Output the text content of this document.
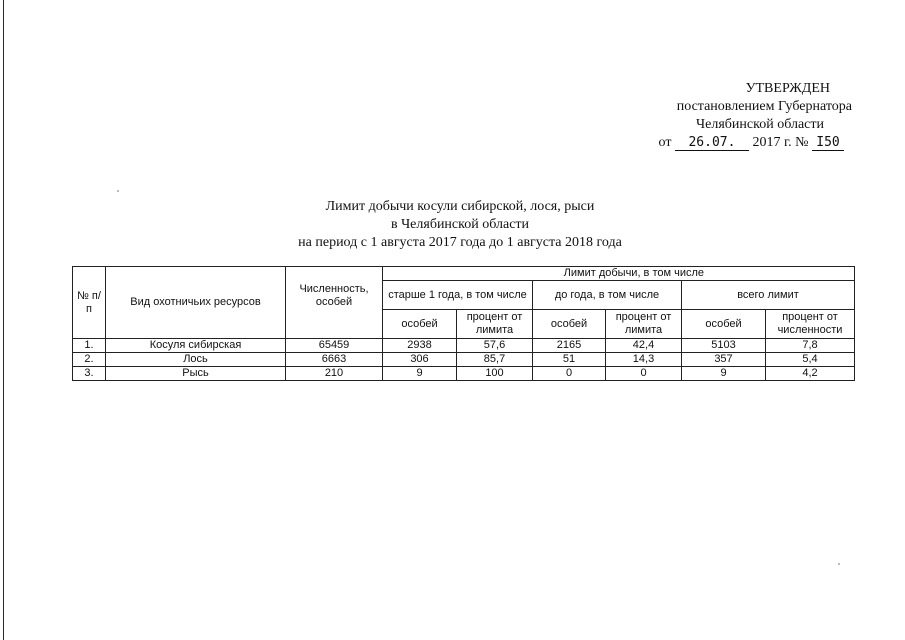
УТВЕРЖДЕН
постановлением Губернатора
Челябинской области
от 26.07. 2017 г. № I50
Лимит добычи косули сибирской, лося, рыси
в Челябинской области
на период с 1 августа 2017 года до 1 августа 2018 года
№ п/п	Вид охотничьих ресурсов	Численность, особей	Лимит добычи, в том числе					
			старше 1 года, в том числе		до года, в том числе		всего лимит	
			особей	процент от лимита	особей	процент от лимита	особей	процент от численности
1.	Косуля сибирская	65459	2938	57,6	2165	42,4	5103	7,8
2.	Лось	6663	306	85,7	51	14,3	357	5,4
3.	Рысь	210	9	100	0	0	9	4,2
